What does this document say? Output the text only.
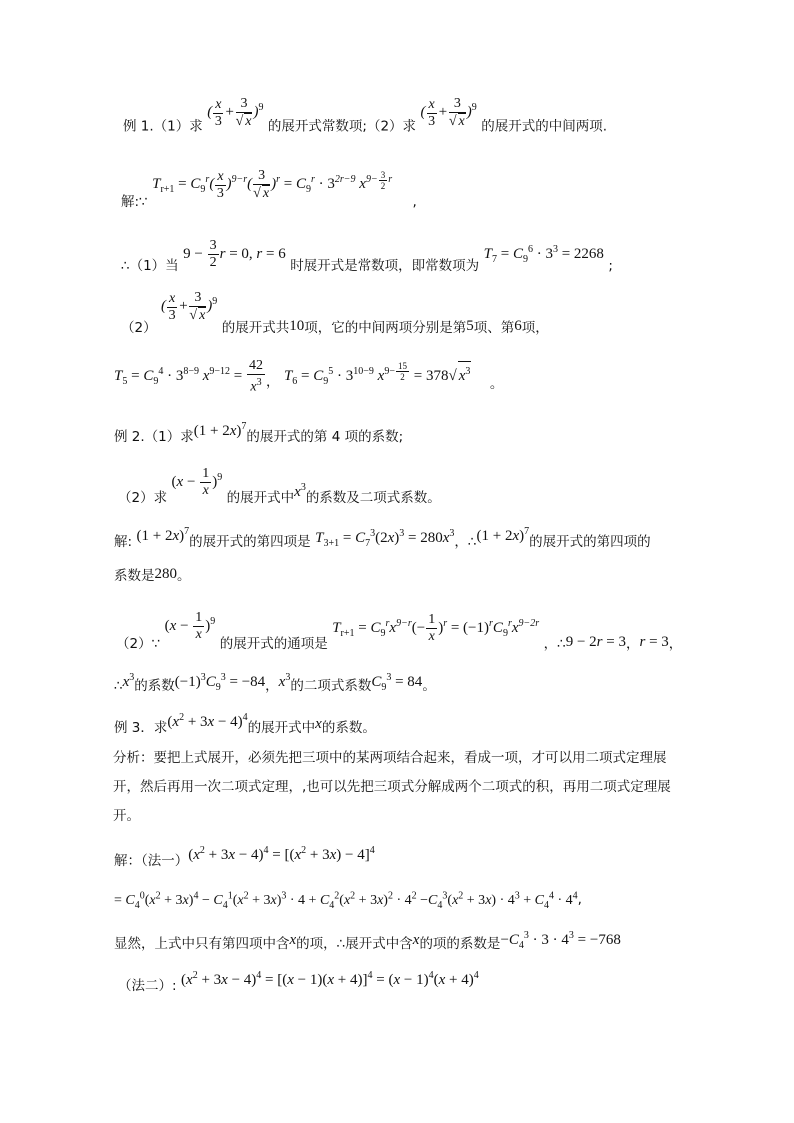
例 1.（1）求 ( $\frac{x}{3} + \frac{3}{√ x} )^9$ 的展开式常数项;（2）求 ( $\frac{x}{3} + \frac{3}{√ x} )^9$ 的展开式的中间两项.
解:∵ $T_{r+1} = C_9^r( \frac{x}{3} )^{9-r}( \frac{3}{√ x} )^r = C_9^r \cdot 3^{2r-9}$ $x^{9- \frac{3}{2} r}$ ,
∴（1）当 $9 - \frac{3}{2}$ r = 0, r = 6 时展开式是常数项，即常数项为 $T_7 = C_9^6 \cdot 3^3 = 2268$ ;
（2） ( $\frac{x}{3} + \frac{3}{√ x} )^9$ 的展开式共10项，它的中间两项分别是第5项、第6项，
$T_5 = C_9^4 \cdot 3^{8-9}$ $x^{9-12} = \frac{42}{x^3}$ ， $T_6 = C_9^5 \cdot 3^{10-9}$ $x^{9- \frac{15}{2}} = 378√$ $x^3$ 。
例 2.（1）求$(1 + 2x)^7$的展开式的第 4 项的系数;
（2）求 $(x - \frac{1}{x} )^9$ 的展开式中$x^3$的系数及二项式系数。
解: $(1 + 2x)^7$的展开式的第四项是 $T_{3+1} = C_7^3(2x)^3 = 280x^3$，∴(1 + 2x)$^7$的展开式的第四项的
系数是280。
（2）∵ $(x - \frac{1}{x} )^9$ 的展开式的通项是 $T_{r+1} = C_9^rx^{9-r}(- \frac{1}{x} )^r = (-1)^rC_9^rx^{9-2r}$ ，∴9 − 2r = 3，r = 3，
$\therefore x^3$的系数$(-1)^3C_9^3 = -84$，$x^3$的二项式系数$C_9^3 = 84$。
例 3．求$(x^2 + 3x - 4)^4$的展开式中x的系数。
分析：要把上式展开，必须先把三项中的某两项结合起来，看成一项，才可以用二项式定理展开，然后再用一次二项式定理，,也可以先把三项式分解成两个二项式的积，再用二项式定理展开。
解：（法一）$(x^2 + 3x - 4)^4 = [(x^2 + 3x) - 4]^4$
= $C_4^0(x^2 + 3x)^4 - C_4^1(x^2 + 3x)^3 \cdot 4 + C_4^2(x^2 + 3x)^2 \cdot 4^2 -C_4^3(x^2 + 3x) \cdot 4^3 + C_4^4 \cdot 4^4$,
显然，上式中只有第四项中含x的项，∴展开式中含x的项的系数是$-C_4^3 \cdot 3 \cdot 4^3 = -768$
（法二）: $(x^2 + 3x - 4)^4 = [(x - 1)(x + 4)]^4 = (x - 1)^4(x + 4)^4$
